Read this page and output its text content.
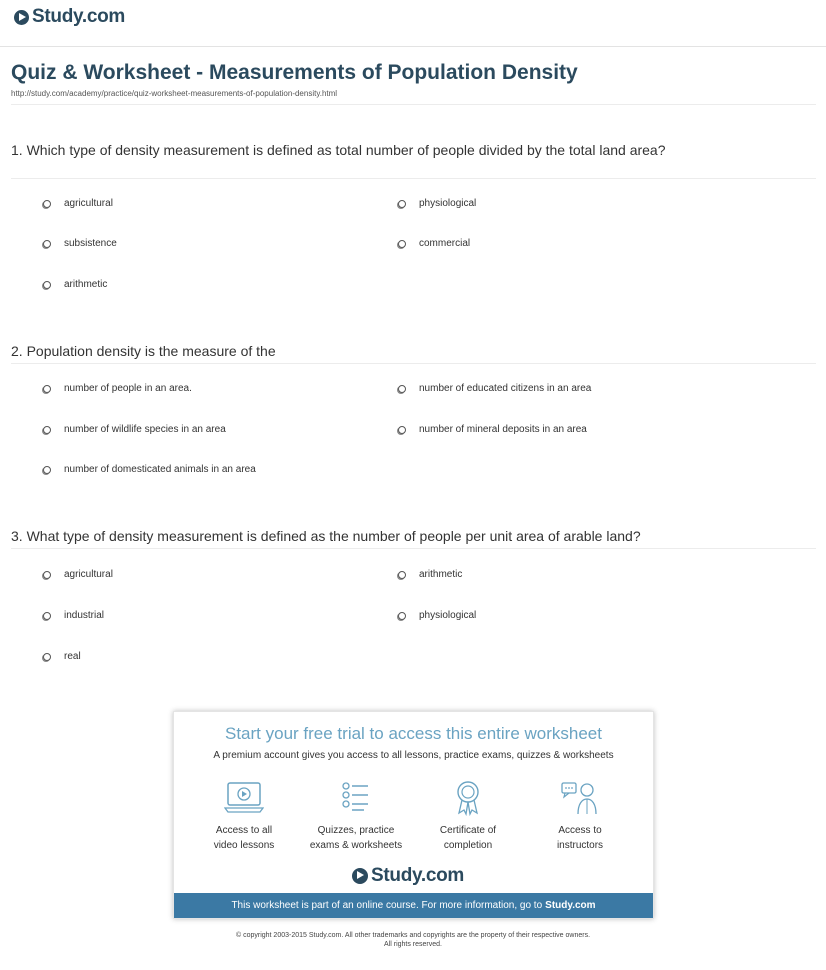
Study.com
Quiz & Worksheet - Measurements of Population Density
http://study.com/academy/practice/quiz-worksheet-measurements-of-population-density.html

1. Which type of density measurement is defined as total number of people divided by the total land area?

agricultural	physiological
subsistence	commercial
arithmetic

2. Population density is the measure of the

number of people in an area.	number of educated citizens in an area
number of wildlife species in an area	number of mineral deposits in an area
number of domesticated animals in an area

3. What type of density measurement is defined as the number of people per unit area of arable land?

agricultural	arithmetic
industrial	physiological
real
Start your free trial to access this entire worksheet
A premium account gives you access to all lessons, practice exams, quizzes & worksheets
Access to all
video lessons
Quizzes, practice
exams & worksheets
Certificate of
completion
Access to
instructors
Study.com
This worksheet is part of an online course. For more information, go to Study.com
© copyright 2003-2015 Study.com. All other trademarks and copyrights are the property of their respective owners.
All rights reserved.
